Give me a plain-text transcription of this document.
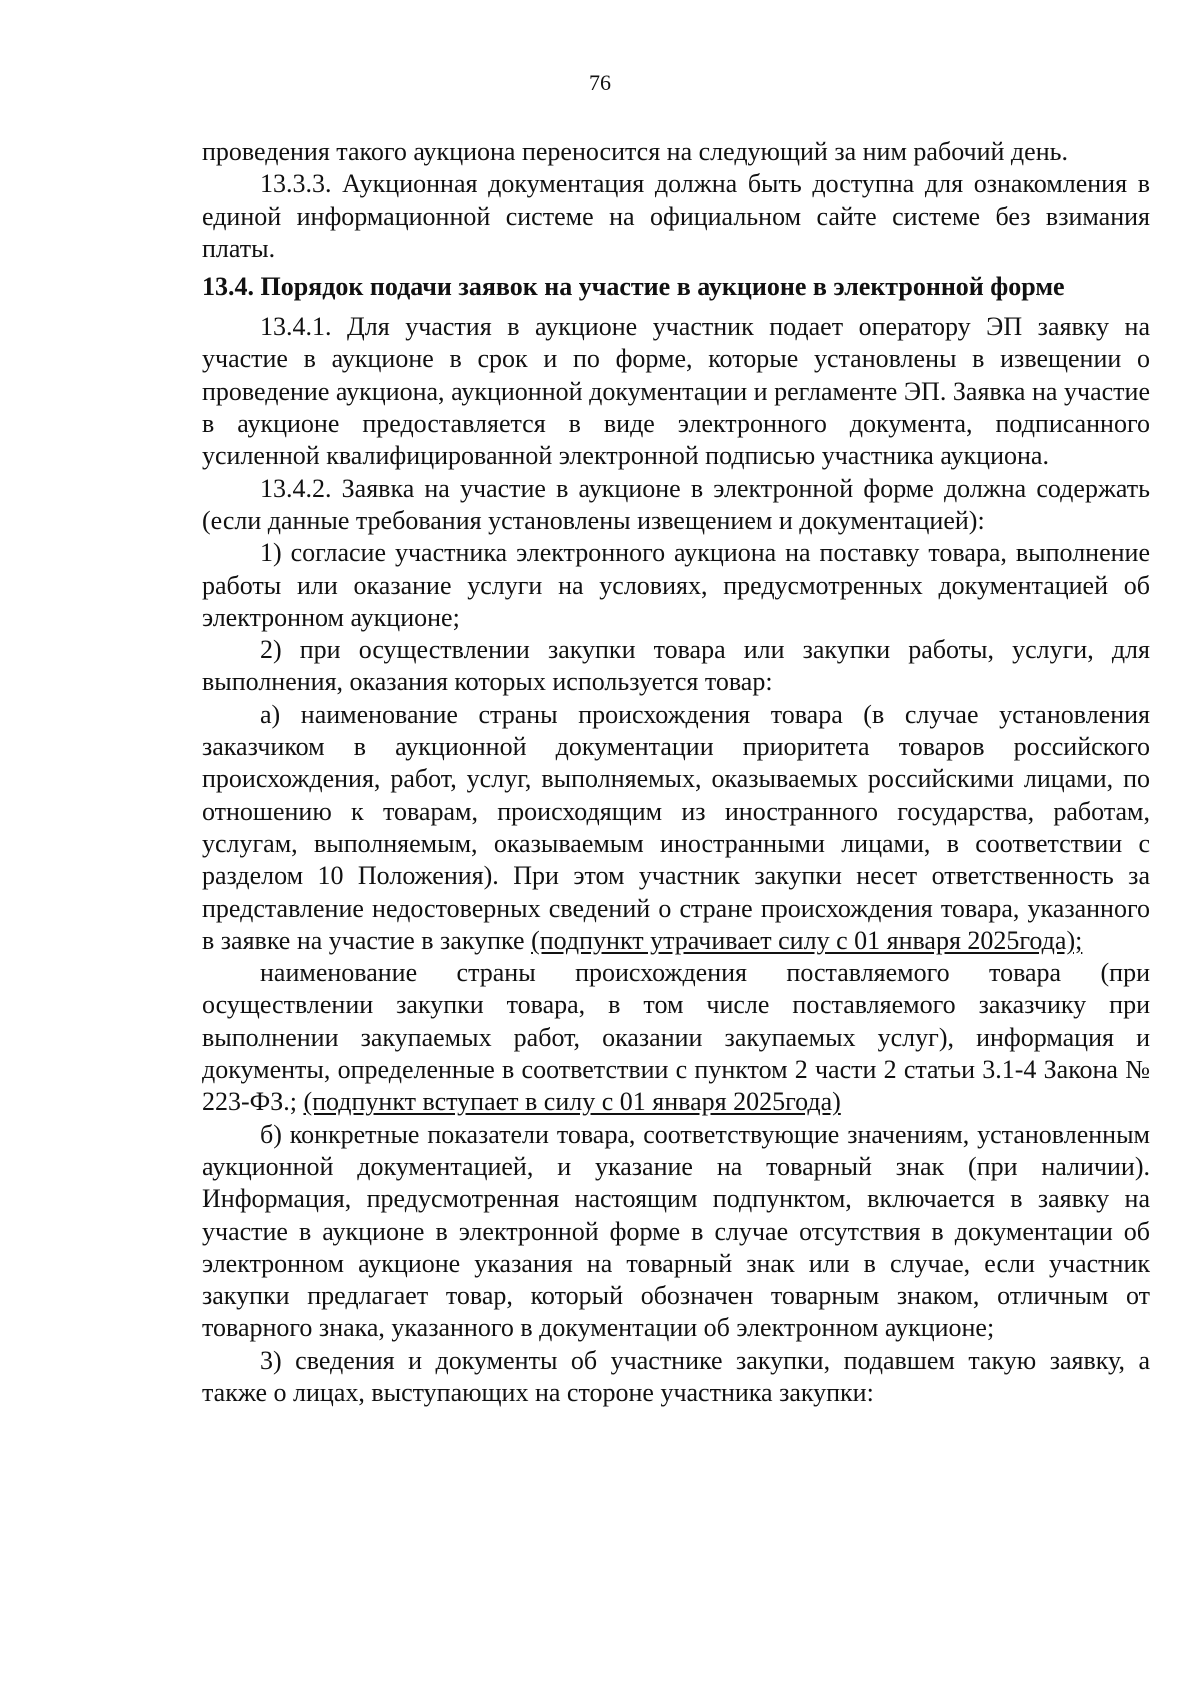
76

проведения такого аукциона переносится на следующий за ним рабочий день.

13.3.3. Аукционная документация должна быть доступна для ознакомления в единой информационной системе на официальном сайте системе без взимания платы.

13.4. Порядок подачи заявок на участие в аукционе в электронной форме

13.4.1. Для участия в аукционе участник подает оператору ЭП заявку на участие в аукционе в срок и по форме, которые установлены в извещении о проведение аукциона, аукционной документации и регламенте ЭП. Заявка на участие в аукционе предоставляется в виде электронного документа, подписанного усиленной квалифицированной электронной подписью участника аукциона.

13.4.2. Заявка на участие в аукционе в электронной форме должна содержать (если данные требования установлены извещением и документацией):

1) согласие участника электронного аукциона на поставку товара, выполнение работы или оказание услуги на условиях, предусмотренных документацией об электронном аукционе;

2) при осуществлении закупки товара или закупки работы, услуги, для выполнения, оказания которых используется товар:

а) наименование страны происхождения товара (в случае установления заказчиком в аукционной документации приоритета товаров российского происхождения, работ, услуг, выполняемых, оказываемых российскими лицами, по отношению к товарам, происходящим из иностранного государства, работам, услугам, выполняемым, оказываемым иностранными лицами, в соответствии с разделом 10 Положения). При этом участник закупки несет ответственность за представление недостоверных сведений о стране происхождения товара, указанного в заявке на участие в закупке (подпункт утрачивает силу с 01 января 2025года);

наименование страны происхождения поставляемого товара (при осуществлении закупки товара, в том числе поставляемого заказчику при выполнении закупаемых работ, оказании закупаемых услуг), информация и документы, определенные в соответствии с пунктом 2 части 2 статьи 3.1-4 Закона № 223-ФЗ.; (подпункт вступает в силу с 01 января 2025года)

б) конкретные показатели товара, соответствующие значениям, установленным аукционной документацией, и указание на товарный знак (при наличии). Информация, предусмотренная настоящим подпунктом, включается в заявку на участие в аукционе в электронной форме в случае отсутствия в документации об электронном аукционе указания на товарный знак или в случае, если участник закупки предлагает товар, который обозначен товарным знаком, отличным от товарного знака, указанного в документации об электронном аукционе;

3) сведения и документы об участнике закупки, подавшем такую заявку, а также о лицах, выступающих на стороне участника закупки:
